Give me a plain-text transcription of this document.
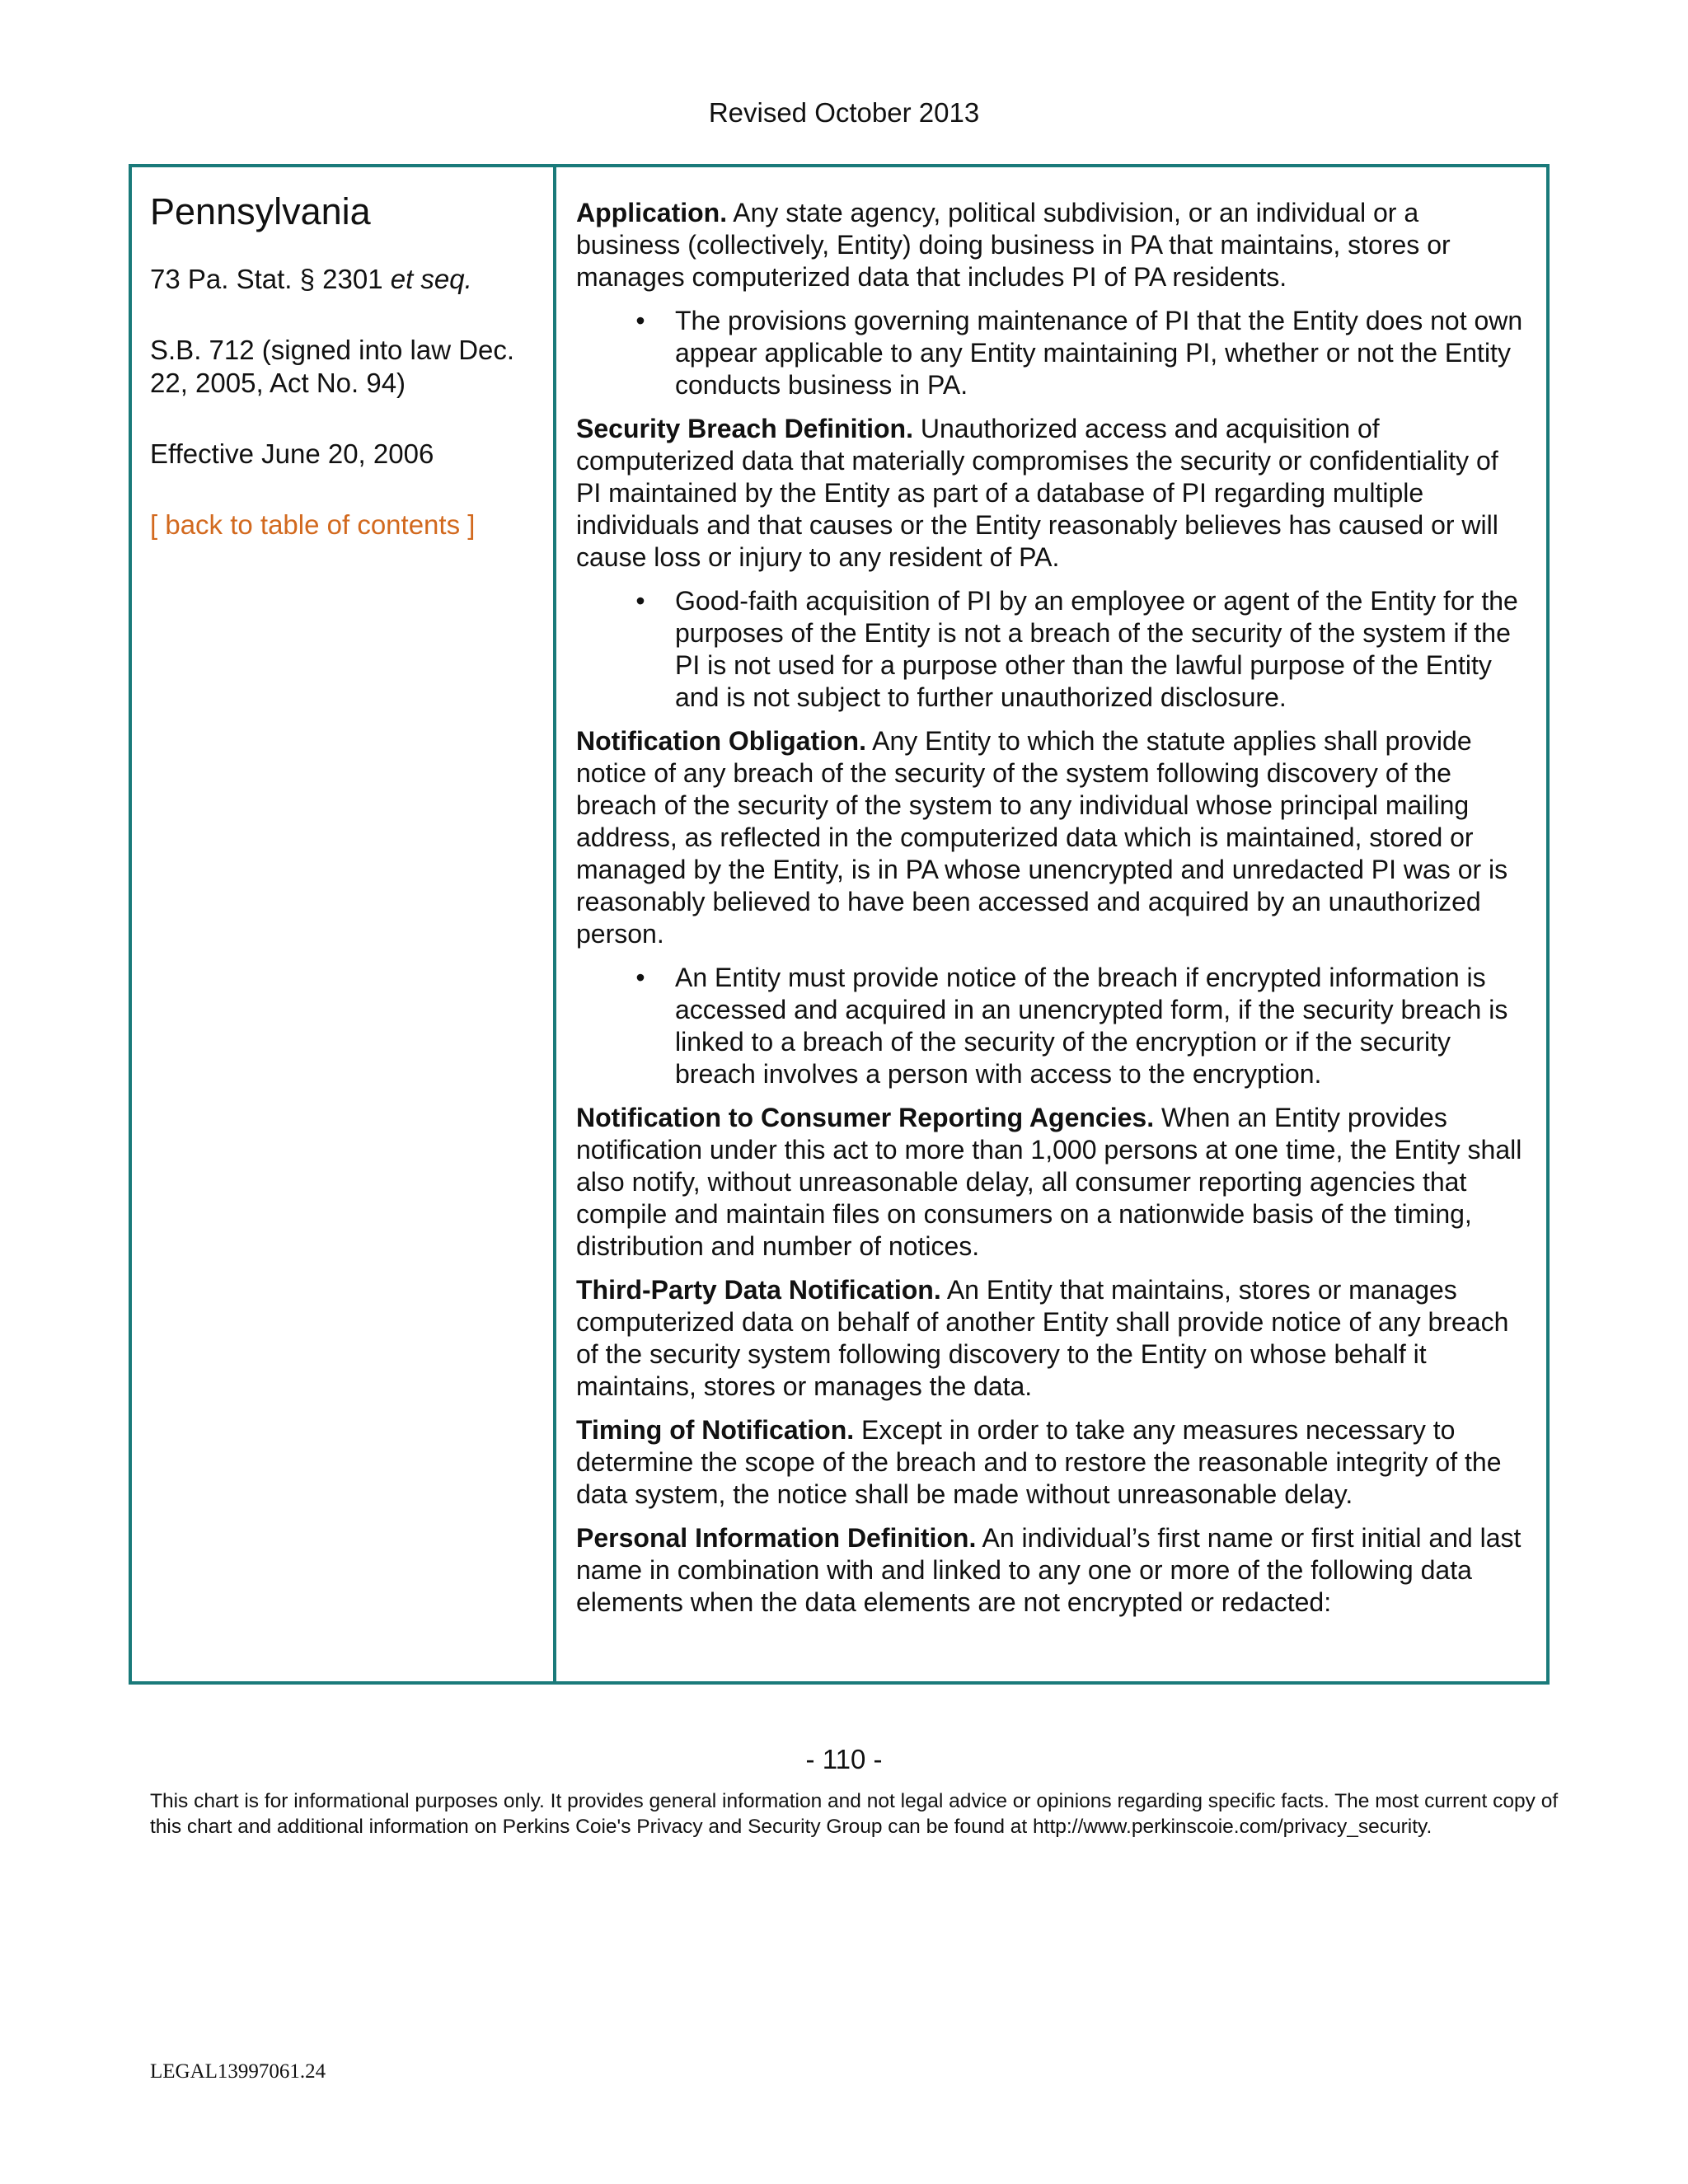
Revised October 2013
Pennsylvania

73 Pa. Stat. § 2301 et seq.

S.B. 712 (signed into law Dec. 22, 2005, Act No. 94)

Effective June 20, 2006

[ back to table of contents ]

Application. Any state agency, political subdivision, or an individual or a business (collectively, Entity) doing business in PA that maintains, stores or manages computerized data that includes PI of PA residents.

•	The provisions governing maintenance of PI that the Entity does not own appear applicable to any Entity maintaining PI, whether or not the Entity conducts business in PA.

Security Breach Definition. Unauthorized access and acquisition of computerized data that materially compromises the security or confidentiality of PI maintained by the Entity as part of a database of PI regarding multiple individuals and that causes or the Entity reasonably believes has caused or will cause loss or injury to any resident of PA.

•	Good-faith acquisition of PI by an employee or agent of the Entity for the purposes of the Entity is not a breach of the security of the system if the PI is not used for a purpose other than the lawful purpose of the Entity and is not subject to further unauthorized disclosure.

Notification Obligation. Any Entity to which the statute applies shall provide notice of any breach of the security of the system following discovery of the breach of the security of the system to any individual whose principal mailing address, as reflected in the computerized data which is maintained, stored or managed by the Entity, is in PA whose unencrypted and unredacted PI was or is reasonably believed to have been accessed and acquired by an unauthorized person.

•	An Entity must provide notice of the breach if encrypted information is accessed and acquired in an unencrypted form, if the security breach is linked to a breach of the security of the encryption or if the security breach involves a person with access to the encryption.

Notification to Consumer Reporting Agencies. When an Entity provides notification under this act to more than 1,000 persons at one time, the Entity shall also notify, without unreasonable delay, all consumer reporting agencies that compile and maintain files on consumers on a nationwide basis of the timing, distribution and number of notices.

Third-Party Data Notification. An Entity that maintains, stores or manages computerized data on behalf of another Entity shall provide notice of any breach of the security system following discovery to the Entity on whose behalf it maintains, stores or manages the data.

Timing of Notification. Except in order to take any measures necessary to determine the scope of the breach and to restore the reasonable integrity of the data system, the notice shall be made without unreasonable delay.

Personal Information Definition. An individual’s first name or first initial and last name in combination with and linked to any one or more of the following data elements when the data elements are not encrypted or redacted:

- 110 -
This chart is for informational purposes only. It provides general information and not legal advice or opinions regarding specific facts. The most current copy of this chart and additional information on Perkins Coie's Privacy and Security Group can be found at http://www.perkinscoie.com/privacy_security.
LEGAL13997061.24
